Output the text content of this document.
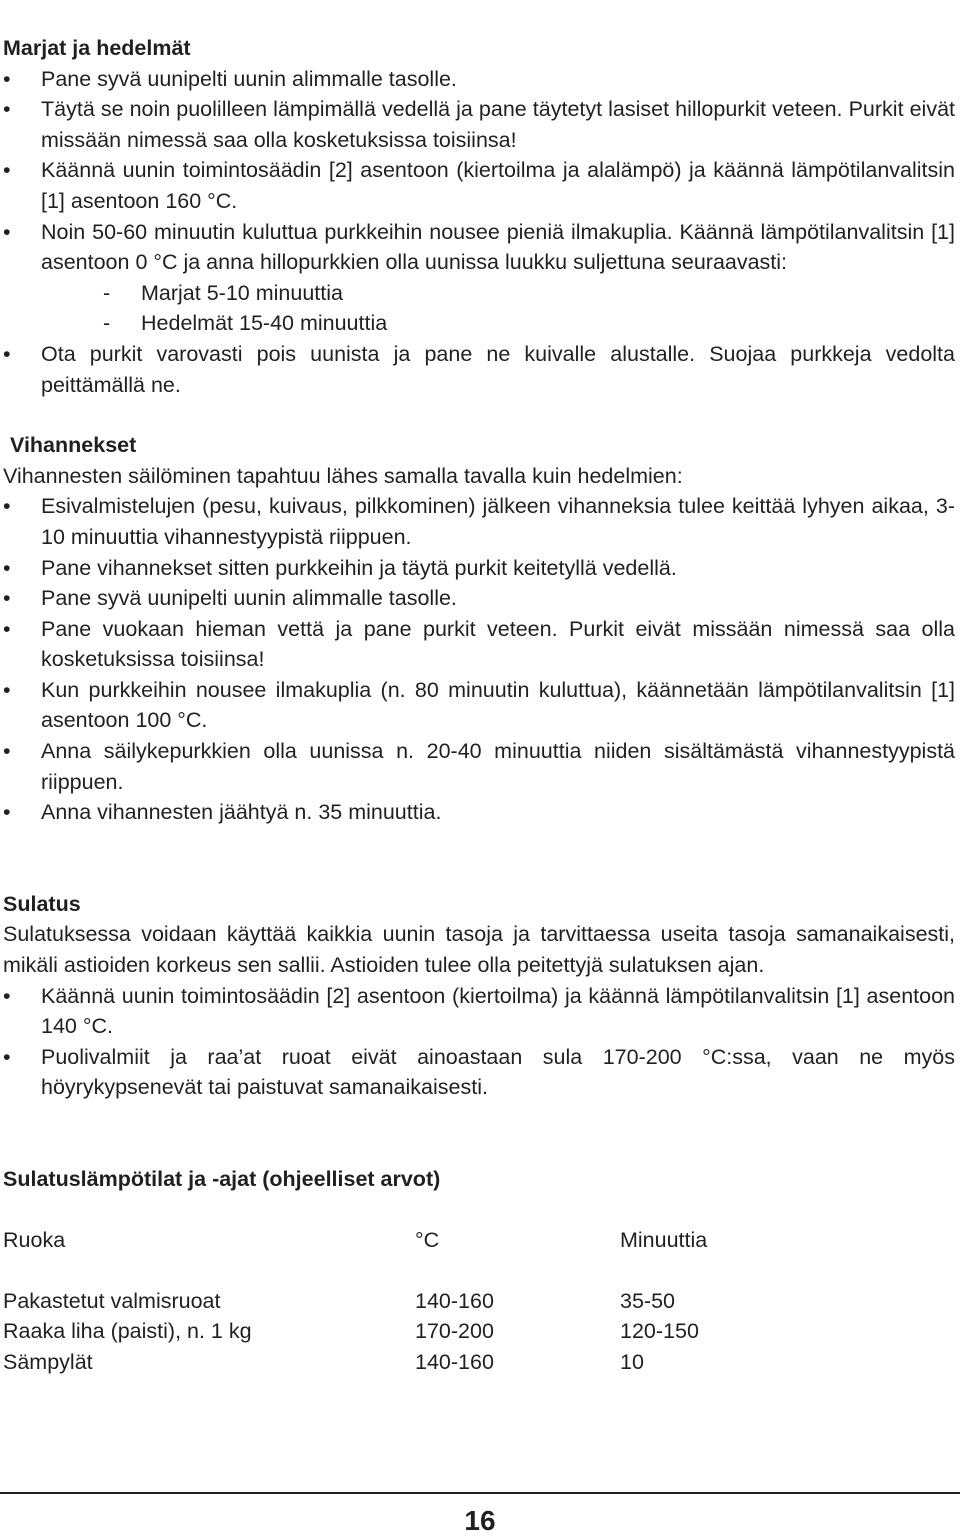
Marjat ja hedelmät
• Pane syvä uunipelti uunin alimmalle tasolle.
• Täytä se noin puolilleen lämpimällä vedellä ja pane täytetyt lasiset hillopurkit veteen. Purkit eivät missään nimessä saa olla kosketuksissa toisiinsa!
• Käännä uunin toimintosäädin [2] asentoon (kiertoilma ja alalämpö) ja käännä lämpötilanvalitsin [1] asentoon 160 °C.
• Noin 50-60 minuutin kuluttua purkkeihin nousee pieniä ilmakuplia. Käännä lämpötilanvalitsin [1] asentoon 0 °C ja anna hillopurkkien olla uunissa luukku suljettuna seuraavasti:
-	Marjat 5-10 minuuttia
-	Hedelmät 15-40 minuuttia
• Ota purkit varovasti pois uunista ja pane ne kuivalle alustalle. Suojaa purkkeja vedolta peittämällä ne.
Vihannekset

Vihannesten säilöminen tapahtuu lähes samalla tavalla kuin hedelmien:

• Esivalmistelujen (pesu, kuivaus, pilkkominen) jälkeen vihanneksia tulee keittää lyhyen aikaa, 3-10 minuuttia vihannestyypistä riippuen.
• Pane vihannekset sitten purkkeihin ja täytä purkit keitetyllä vedellä.
• Pane syvä uunipelti uunin alimmalle tasolle.
• Pane vuokaan hieman vettä ja pane purkit veteen. Purkit eivät missään nimessä saa olla kosketuksissa toisiinsa!
• Kun purkkeihin nousee ilmakuplia (n. 80 minuutin kuluttua), käännetään lämpötilanvalitsin [1] asentoon 100 °C.
• Anna säilykepurkkien olla uunissa n. 20-40 minuuttia niiden sisältämästä vihannestyypistä riippuen.
• Anna vihannesten jäähtyä n. 35 minuuttia.
Sulatus

Sulatuksessa voidaan käyttää kaikkia uunin tasoja ja tarvittaessa useita tasoja samanaikaisesti, mikäli astioiden korkeus sen sallii. Astioiden tulee olla peitettyjä sulatuksen ajan.

• Käännä uunin toimintosäädin [2] asentoon (kiertoilma) ja käännä lämpötilanvalitsin [1] asentoon 140 °C.
• Puolivalmiit ja raa’at ruoat eivät ainoastaan sula 170-200 °C:ssa, vaan ne myös höyrykypsenevät tai paistuvat samanaikaisesti.
Sulatuslämpötilat ja -ajat (ohjeelliset arvot)
Ruoka	°C	Minuuttia

Pakastetut valmisruoat	140-160	35-50
Raaka liha (paisti), n. 1 kg	170-200	120-150
Sämpylät	140-160	10
16
